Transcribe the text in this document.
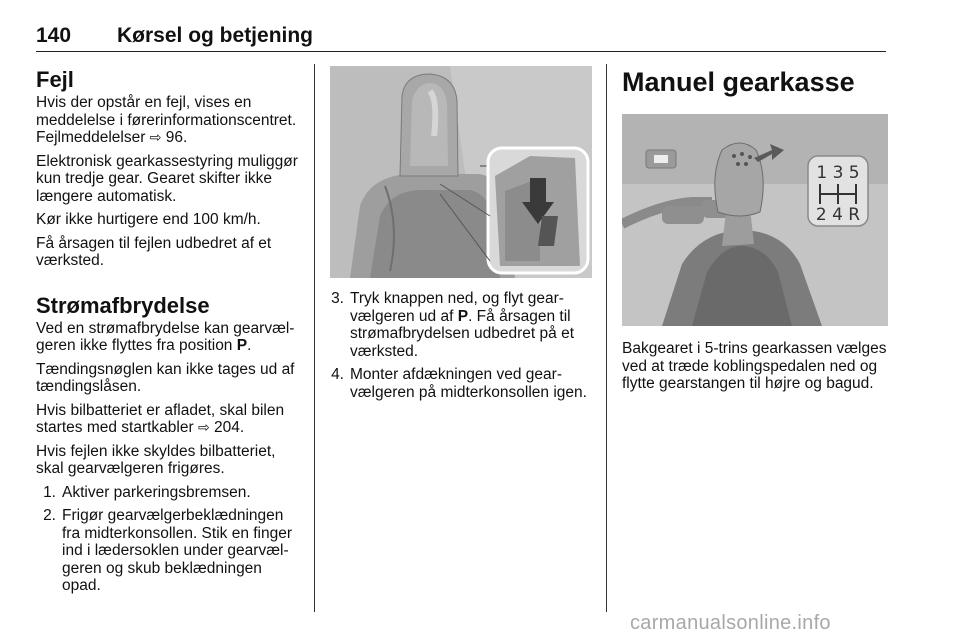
140 Kørsel og betjening
Fejl

Hvis der opstår en fejl, vises en meddelelse i førerinformationscentret. Fejlmeddelelser ⇨ 96.

Elektronisk gearkassestyring muliggør kun tredje gear. Gearet skifter ikke længere automatisk.

Kør ikke hurtigere end 100 km/h.

Få årsagen til fejlen udbedret af et værksted.

Strømafbrydelse

Ved en strømafbrydelse kan gearvælgeren ikke flyttes fra position P.

Tændingsnøglen kan ikke tages ud af tændingslåsen.

Hvis bilbatteriet er afladet, skal bilen startes med startkabler ⇨ 204.

Hvis fejlen ikke skyldes bilbatteriet, skal gearvælgeren frigøres.

1. Aktiver parkeringsbremsen.
2. Frigør gearvælgerbeklædningen fra midterkonsollen. Stik en finger ind i lædersoklen under gearvælgeren og skub beklædningen opad.
3. Tryk knappen ned, og flyt gearvælgeren ud af P. Få årsagen til strømafbrydelsen udbedret på et værksted.
4. Monter afdækningen ved gearvælgeren på midterkonsollen igen.
Manuel gearkasse
1 3 5
2 4 R

Bakgearet i 5-trins gearkassen vælges ved at træde koblingspedalen ned og flytte gearstangen til højre og bagud.

carmanualsonline.info
